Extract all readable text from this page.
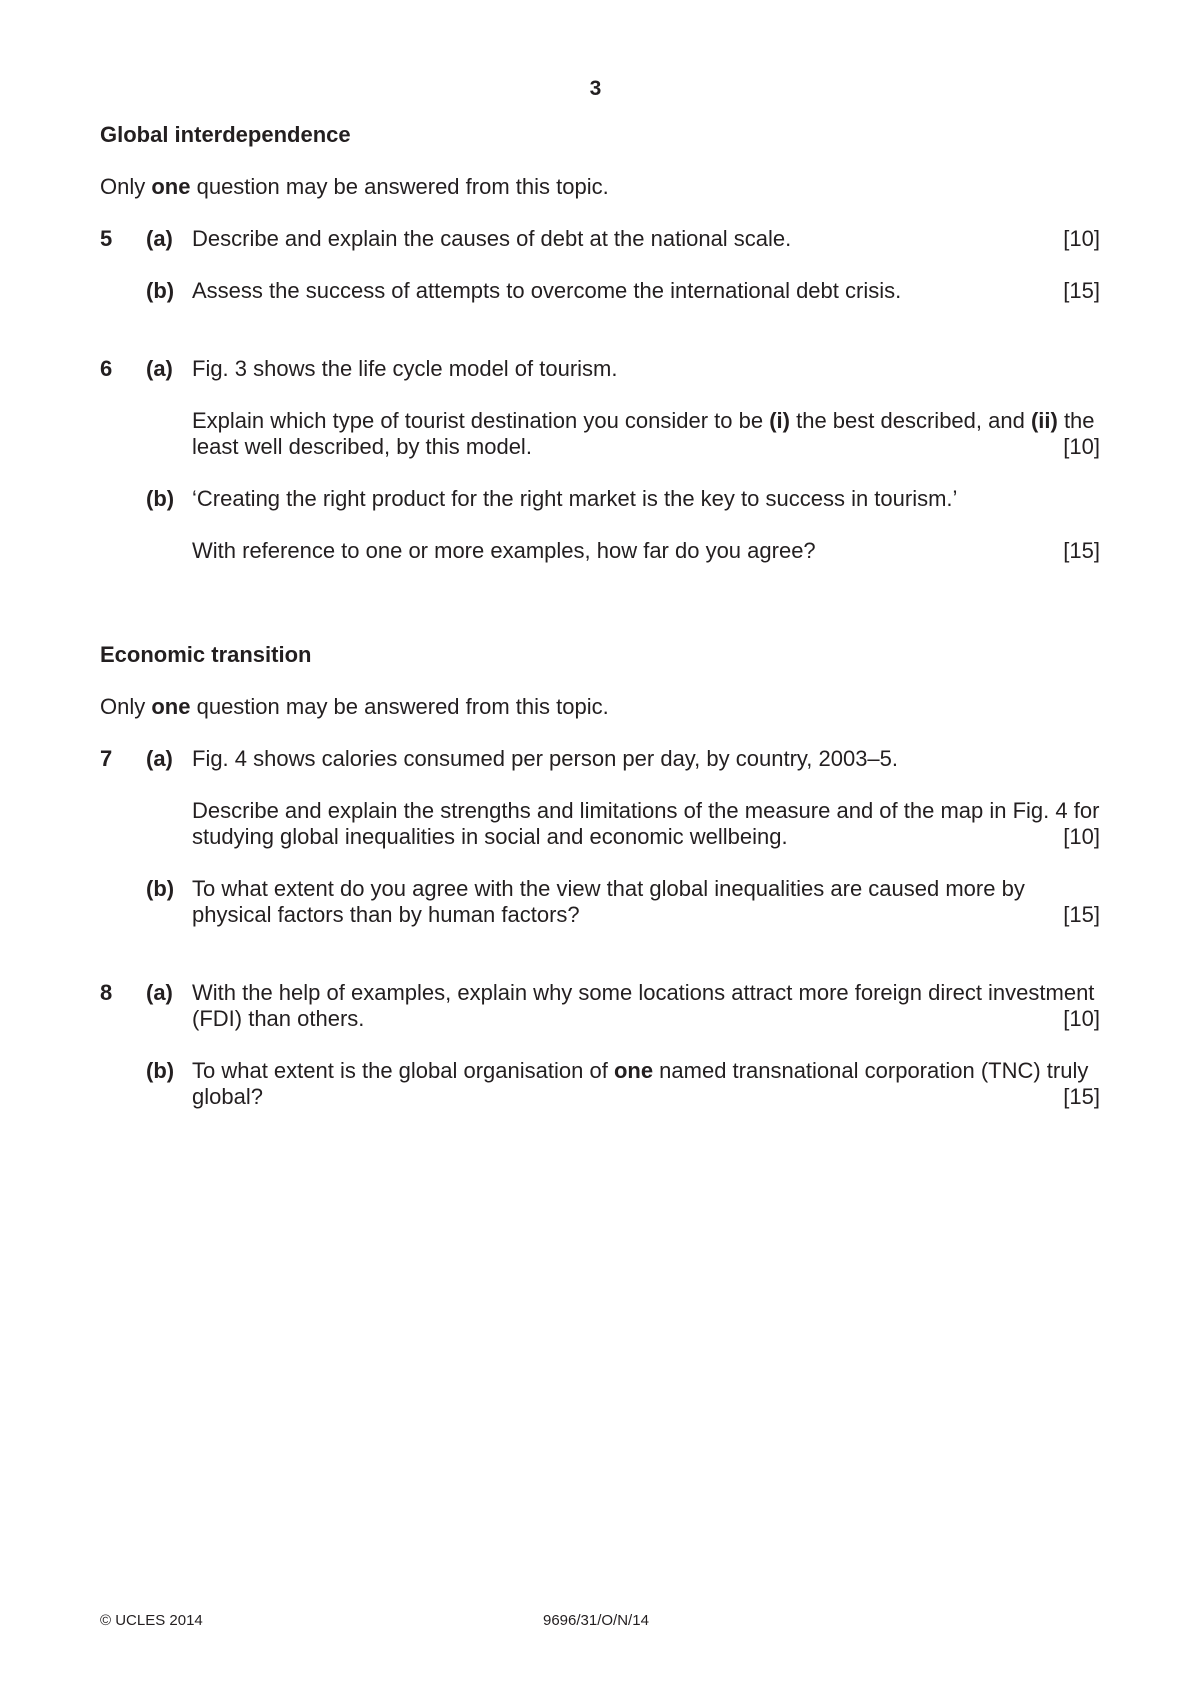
3
Global interdependence
Only one question may be answered from this topic.
5 (a) Describe and explain the causes of debt at the national scale.	[10]
(b) Assess the success of attempts to overcome the international debt crisis.	[15]
6 (a) Fig. 3 shows the life cycle model of tourism.
Explain which type of tourist destination you consider to be (i) the best described, and (ii) the least well described, by this model.	[10]
(b) ‘Creating the right product for the right market is the key to success in tourism.’
With reference to one or more examples, how far do you agree?	[15]
Economic transition
Only one question may be answered from this topic.
7 (a) Fig. 4 shows calories consumed per person per day, by country, 2003–5.
Describe and explain the strengths and limitations of the measure and of the map in Fig. 4 for studying global inequalities in social and economic wellbeing.	[10]
(b) To what extent do you agree with the view that global inequalities are caused more by physical factors than by human factors?	[15]
8 (a) With the help of examples, explain why some locations attract more foreign direct investment (FDI) than others.	[10]
(b) To what extent is the global organisation of one named transnational corporation (TNC) truly global?	[15]
© UCLES 2014	9696/31/O/N/14
